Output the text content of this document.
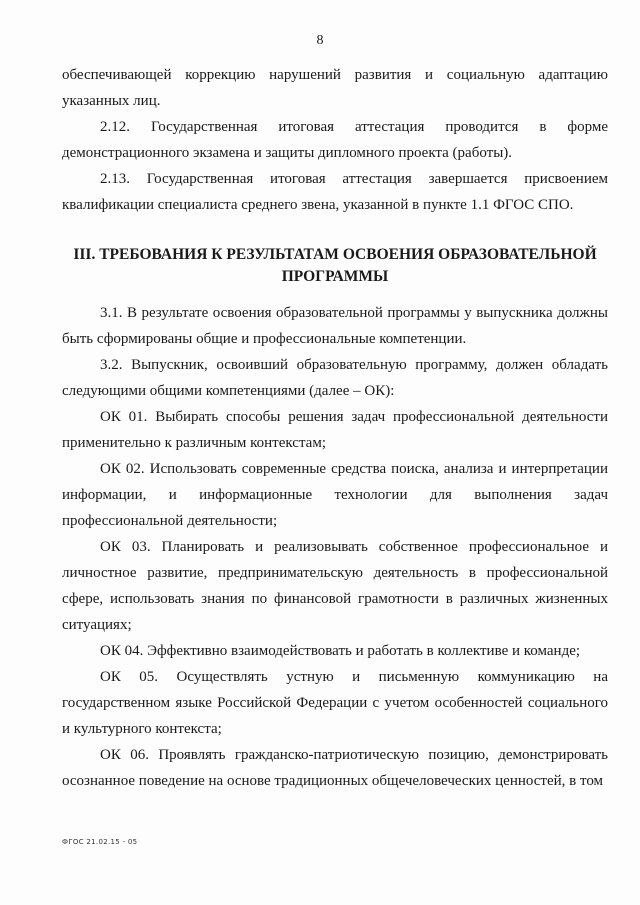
8

обеспечивающей коррекцию нарушений развития и социальную адаптацию указанных лиц.

2.12. Государственная итоговая аттестация проводится в форме демонстрационного экзамена и защиты дипломного проекта (работы).

2.13. Государственная итоговая аттестация завершается присвоением квалификации специалиста среднего звена, указанной в пункте 1.1 ФГОС СПО.

III. ТРЕБОВАНИЯ К РЕЗУЛЬТАТАМ ОСВОЕНИЯ ОБРАЗОВАТЕЛЬНОЙ ПРОГРАММЫ

3.1. В результате освоения образовательной программы у выпускника должны быть сформированы общие и профессиональные компетенции.

3.2. Выпускник, освоивший образовательную программу, должен обладать следующими общими компетенциями (далее – ОК):

ОК 01. Выбирать способы решения задач профессиональной деятельности применительно к различным контекстам;

ОК 02. Использовать современные средства поиска, анализа и интерпретации информации, и информационные технологии для выполнения задач профессиональной деятельности;

ОК 03. Планировать и реализовывать собственное профессиональное и личностное развитие, предпринимательскую деятельность в профессиональной сфере, использовать знания по финансовой грамотности в различных жизненных ситуациях;

ОК 04. Эффективно взаимодействовать и работать в коллективе и команде;

ОК 05. Осуществлять устную и письменную коммуникацию на государственном языке Российской Федерации с учетом особенностей социального и культурного контекста;

ОК 06. Проявлять гражданско-патриотическую позицию, демонстрировать осознанное поведение на основе традиционных общечеловеческих ценностей, в том

ФГОС 21.02.15 - 05
